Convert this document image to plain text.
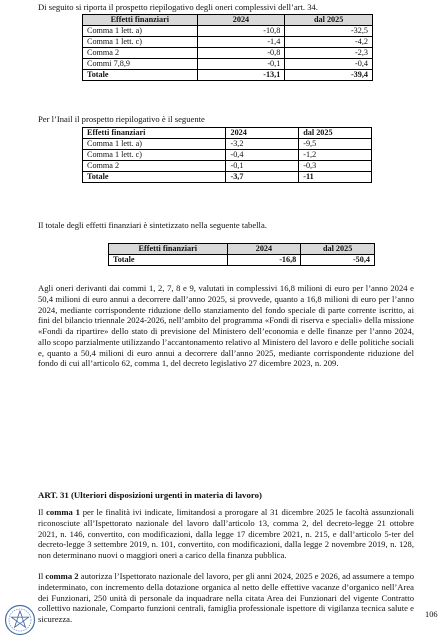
Di seguito si riporta il prospetto riepilogativo degli oneri complessivi dell’art. 34.
Effetti finanziari	2024	dal 2025
Comma 1 lett. a)	-10,8	-32,5
Comma 1 lett. c)	-1,4	-4,2
Comma 2	-0,8	-2,3
Commi 7,8,9	-0,1	-0,4
Totale	-13,1	-39,4
Per l’Inail il prospetto riepilogativo è il seguente
Effetti finanziari	2024	dal 2025
Comma 1 lett. a)	-3,2	-9,5
Comma 1 lett. c)	-0,4	-1,2
Comma 2	-0,1	-0,3
Totale	-3,7	-11
Il totale degli effetti finanziari è sintetizzato nella seguente tabella.
Effetti finanziari	2024	dal 2025
Totale	-16,8	-50,4

Agli oneri derivanti dai commi 1, 2, 7, 8 e 9, valutati in complessivi 16,8 milioni di euro per l’anno 2024 e 50,4 milioni di euro annui a decorrere dall’anno 2025, si provvede, quanto a 16,8 milioni di euro per l’anno 2024, mediante corrispondente riduzione dello stanziamento del fondo speciale di parte corrente iscritto, ai fini del bilancio triennale 2024-2026, nell’ambito del programma «Fondi di riserva e speciali» della missione «Fondi da ripartire» dello stato di previsione del Ministero dell’economia e delle finanze per l’anno 2024, allo scopo parzialmente utilizzando l’accantonamento relativo al Ministero del lavoro e delle politiche sociali e, quanto a 50,4 milioni di euro annui a decorrere dall’anno 2025, mediante corrispondente riduzione del fondo di cui all’articolo 62, comma 1, del decreto legislativo 27 dicembre 2023, n. 209.

ART. 31 (Ulteriori disposizioni urgenti in materia di lavoro)

Il comma 1 per le finalità ivi indicate, limitandosi a prorogare al 31 dicembre 2025 le facoltà assunzionali riconosciute all’Ispettorato nazionale del lavoro dall’articolo 13, comma 2, del decreto-legge 21 ottobre 2021, n. 146, convertito, con modificazioni, dalla legge 17 dicembre 2021, n. 215, e dall’articolo 5-ter del decreto-legge 3 settembre 2019, n. 101, convertito, con modificazioni, dalla legge 2 novembre 2019, n. 128, non determinano nuovi o maggiori oneri a carico della finanza pubblica.

Il comma 2 autorizza l’Ispettorato nazionale del lavoro, per gli anni 2024, 2025 e 2026, ad assumere a tempo indeterminato, con incremento della dotazione organica al netto delle effettive vacanze d’organico nell’Area dei Funzionari, 250 unità di personale da inquadrare nella citata Area dei Funzionari del vigente Contratto collettivo nazionale, Comparto funzioni centrali, famiglia professionale ispettore di vigilanza tecnica salute e sicurezza.	106
